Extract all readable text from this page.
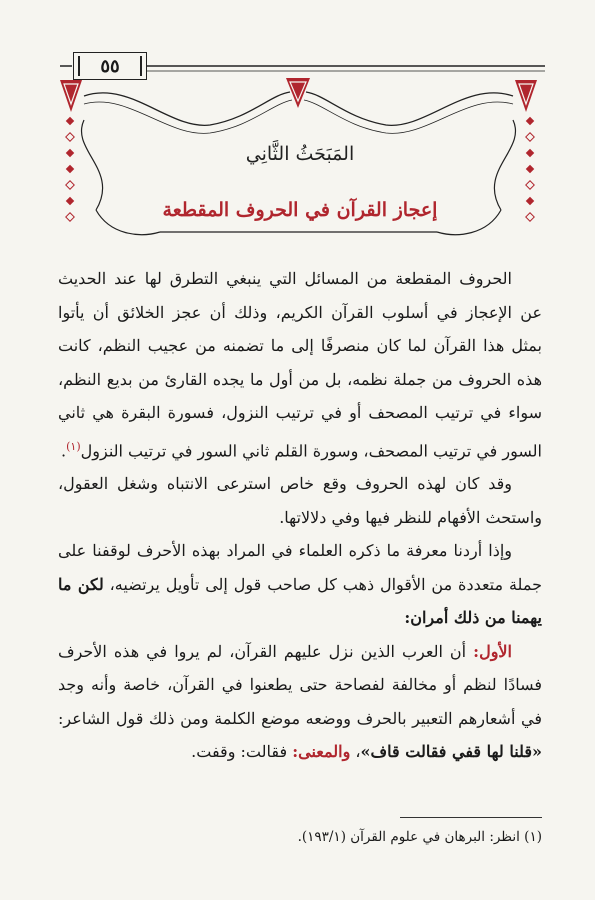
٥٥
المَبَحَثُ الثَّانِي
إعجاز القرآن في الحروف المقطعة

الحروف المقطعة من المسائل التي ينبغي التطرق لها عند الحديث عن الإعجاز في أسلوب القرآن الكريم، وذلك أن عجز الخلائق أن يأتوا بمثل هذا القرآن لما كان منصرفًا إلى ما تضمنه من عجيب النظم، كانت هذه الحروف من جملة نظمه، بل من أول ما يجده القارئ من بديع النظم، سواء في ترتيب المصحف أو في ترتيب النزول، فسورة البقرة هي ثاني السور في ترتيب المصحف، وسورة القلم ثاني السور في ترتيب النزول$^{(١)}$.

وقد كان لهذه الحروف وقع خاص استرعى الانتباه وشغل العقول، واستحث الأفهام للنظر فيها وفي دلالاتها.

وإذا أردنا معرفة ما ذكره العلماء في المراد بهذه الأحرف لوقفنا على جملة متعددة من الأقوال ذهب كل صاحب قول إلى تأويل يرتضيه، لكن ما يهمنا من ذلك أمران:

الأول: أن العرب الذين نزل عليهم القرآن، لم يروا في هذه الأحرف فسادًا لنظم أو مخالفة لفصاحة حتى يطعنوا في القرآن، خاصة وأنه وجد في أشعارهم التعبير بالحرف ووضعه موضع الكلمة ومن ذلك قول الشاعر: «قلنا لها قفي فقالت قاف»، والمعنى: فقالت: وقفت.

(١) انظر: البرهان في علوم القرآن (١٩٣/١).
